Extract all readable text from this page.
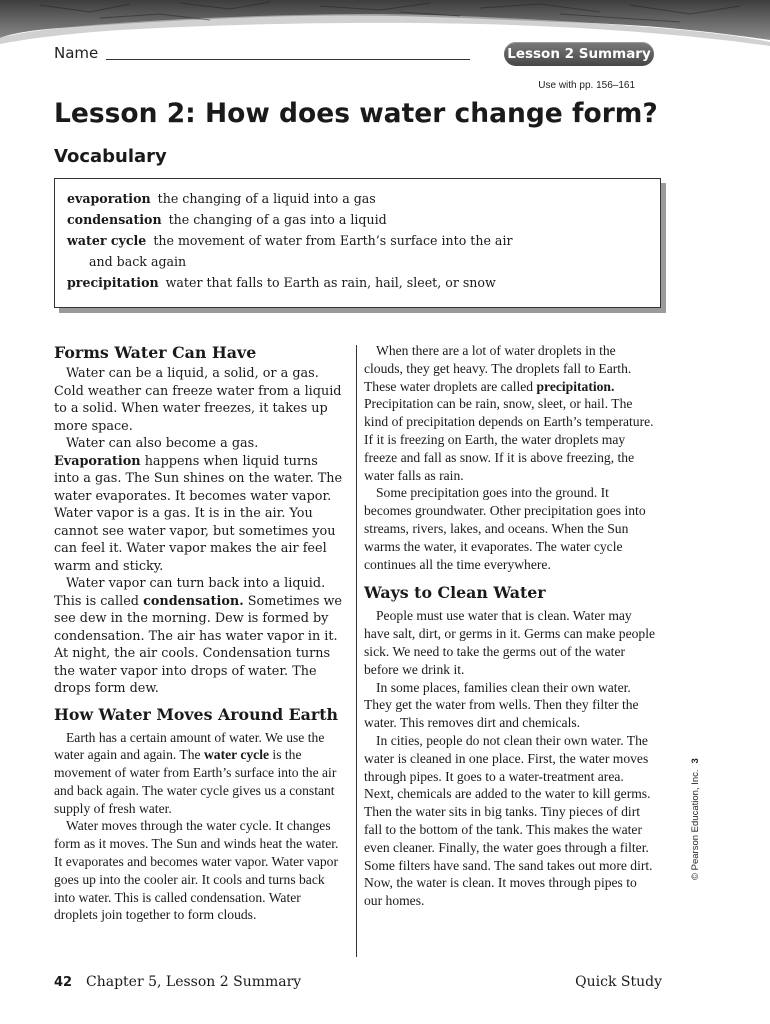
Name	Lesson 2 Summary
Use with pp. 156–161
Lesson 2: How does water change form?
Vocabulary
evaporation the changing of a liquid into a gas
condensation the changing of a gas into a liquid
water cycle the movement of water from Earth’s surface into the air
and back again
precipitation water that falls to Earth as rain, hail, sleet, or snow
Forms Water Can Have

Water can be a liquid, a solid, or a gas. Cold weather can freeze water from a liquid to a solid. When water freezes, it takes up more space.

Water can also become a gas. Evaporation happens when liquid turns into a gas. The Sun shines on the water. The water evaporates. It becomes water vapor. Water vapor is a gas. It is in the air. You cannot see water vapor, but sometimes you can feel it. Water vapor makes the air feel warm and sticky.

Water vapor can turn back into a liquid. This is called condensation. Sometimes we see dew in the morning. Dew is formed by condensation. The air has water vapor in it. At night, the air cools. Condensation turns the water vapor into drops of water. The drops form dew.

How Water Moves Around Earth

Earth has a certain amount of water. We use the water again and again. The water cycle is the movement of water from Earth’s surface into the air and back again. The water cycle gives us a constant supply of fresh water.

Water moves through the water cycle. It changes form as it moves. The Sun and winds heat the water. It evaporates and becomes water vapor. Water vapor goes up into the cooler air. It cools and turns back into water. This is called condensation. Water droplets join together to form clouds.

When there are a lot of water droplets in the clouds, they get heavy. The droplets fall to Earth. These water droplets are called precipitation. Precipitation can be rain, snow, sleet, or hail. The kind of precipitation depends on Earth’s temperature. If it is freezing on Earth, the water droplets may freeze and fall as snow. If it is above freezing, the water falls as rain.

Some precipitation goes into the ground. It becomes groundwater. Other precipitation goes into streams, rivers, lakes, and oceans. When the Sun warms the water, it evaporates. The water cycle continues all the time everywhere.

Ways to Clean Water

People must use water that is clean. Water may have salt, dirt, or germs in it. Germs can make people sick. We need to take the germs out of the water before we drink it.

In some places, families clean their own water. They get the water from wells. Then they filter the water. This removes dirt and chemicals.

In cities, people do not clean their own water. The water is cleaned in one place. First, the water moves through pipes. It goes to a water-treatment area. Next, chemicals are added to the water to kill germs. Then the water sits in big tanks. Tiny pieces of dirt fall to the bottom of the tank. This makes the water even cleaner. Finally, the water goes through a filter. Some filters have sand. The sand takes out more dirt. Now, the water is clean. It moves through pipes to our homes.

© Pearson Education, Inc.3
42 Chapter 5, Lesson 2 Summary	Quick Study
